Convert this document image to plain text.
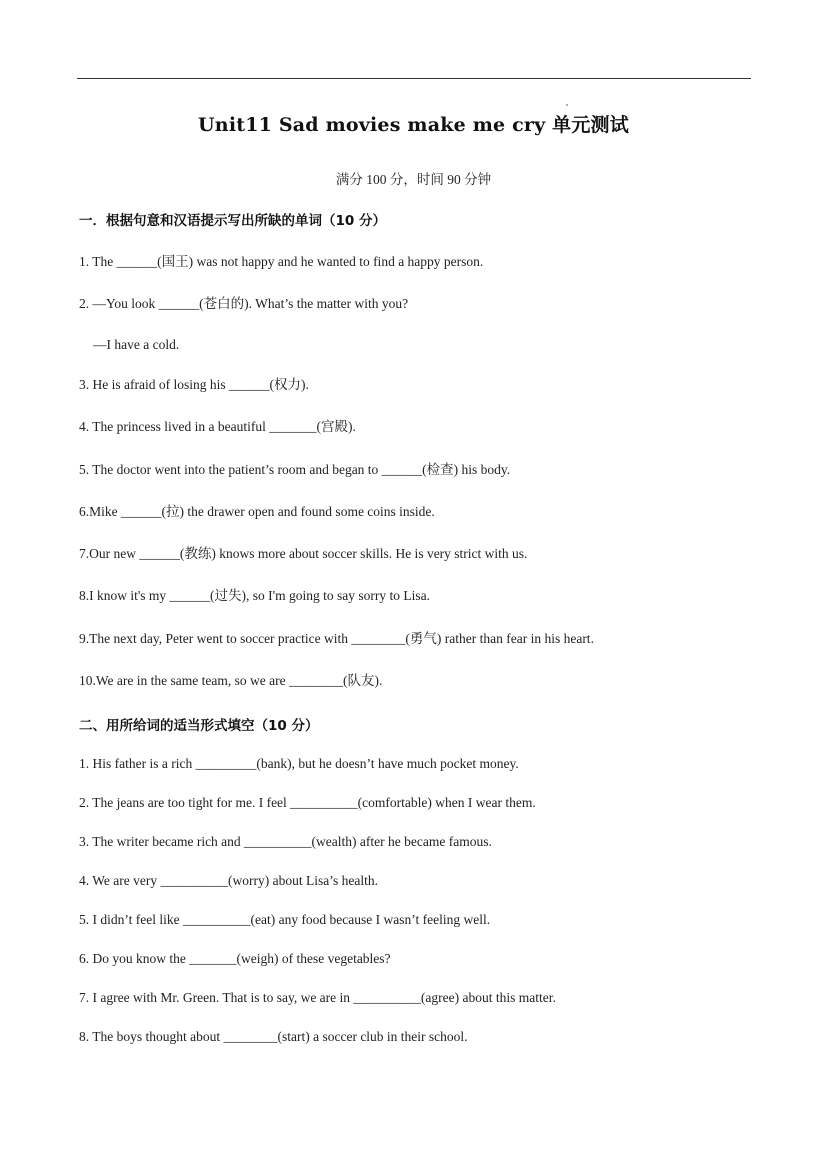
Unit11 Sad movies make me cry 单元测试
满分 100 分，时间 90 分钟
一．根据句意和汉语提示写出所缺的单词（10 分）
1. The ______(国王) was not happy and he wanted to find a happy person.
2. —You look ______(苍白的). What’s the matter with you?
—I have a cold.
3. He is afraid of losing his ______(权力).
4. The princess lived in a beautiful _______(宫殿).
5. The doctor went into the patient’s room and began to ______(检查) his body.
6.Mike ______(拉) the drawer open and found some coins inside.
7.Our new ______(教练) knows more about soccer skills. He is very strict with us.
8.I know it's my ______(过失), so I'm going to say sorry to Lisa.
9.The next day, Peter went to soccer practice with ________(勇气) rather than fear in his heart.
10.We are in the same team, so we are ________(队友).
二、用所给词的适当形式填空（10 分）
1. His father is a rich _________(bank), but he doesn’t have much pocket money.
2. The jeans are too tight for me. I feel __________(comfortable) when I wear them.
3. The writer became rich and __________(wealth) after he became famous.
4. We are very __________(worry) about Lisa’s health.
5. I didn’t feel like __________(eat) any food because I wasn’t feeling well.
6. Do you know the _______(weigh) of these vegetables?
7. I agree with Mr. Green. That is to say, we are in __________(agree) about this matter.
8. The boys thought about ________(start) a soccer club in their school.
